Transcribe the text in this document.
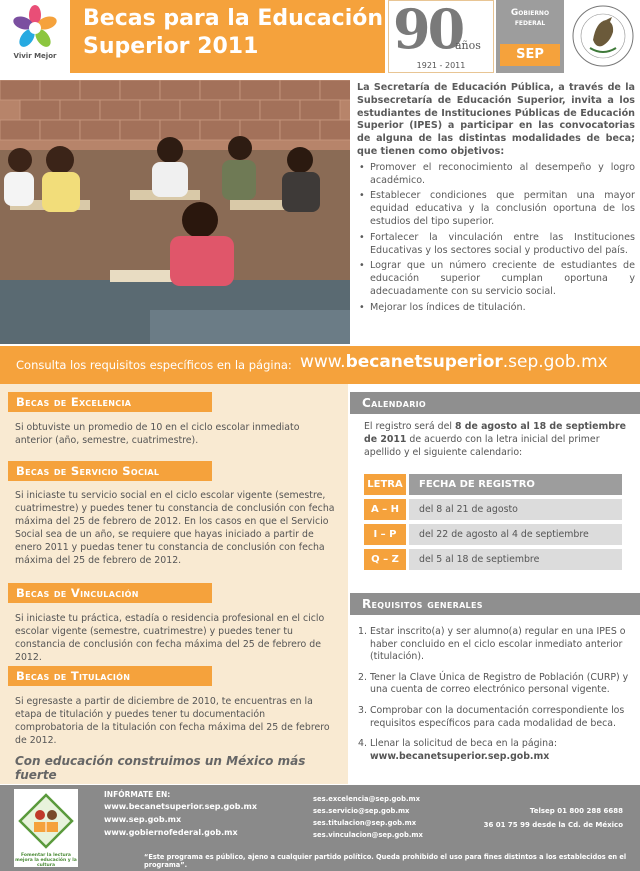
Vivir Mejor
Becas para la Educación
Superior 2011	90
años
1921 - 2011
Gobierno
federal
SEP

La Secretaría de Educación Pública, a través de la Subsecretaría de Educación Superior, invita a los estudiantes de Instituciones Públicas de Educación Superior (IPES) a participar en las convocatorias de alguna de las distintas modalidades de beca; que tienen como objetivos:

• Promover el reconocimiento al desempeño y logro académico.
• Establecer condiciones que permitan una mayor equidad educativa y la conclusión oportuna de los estudios del tipo superior.
• Fortalecer la vinculación entre las Instituciones Educativas y los sectores social y productivo del país.
• Lograr que un número creciente de estudiantes de educación superior cumplan oportuna y adecuadamente con su servicio social.
• Mejorar los índices de titulación.
Consulta los requisitos específicos en la página: www.becanetsuperior.sep.gob.mx
Becas de Excelencia
Si obtuviste un promedio de 10 en el ciclo escolar inmediato anterior (año, semestre, cuatrimestre).
Becas de Servicio Social
Si iniciaste tu servicio social en el ciclo escolar vigente (semestre, cuatrimestre) y puedes tener tu constancia de conclusión con fecha máxima del 25 de febrero de 2012. En los casos en que el Servicio Social sea de un año, se requiere que hayas iniciado a partir de enero 2011 y puedas tener tu constancia de conclusión con fecha máxima del 25 de febrero de 2012.
Becas de Vinculación
Si iniciaste tu práctica, estadía o residencia profesional en el ciclo escolar vigente (semestre, cuatrimestre) y puedes tener tu constancia de conclusión con fecha máxima del 25 de febrero de 2012.
Becas de Titulación
Si egresaste a partir de diciembre de 2010, te encuentras en la etapa de titulación y puedes tener tu documentación comprobatoria de la titulación con fecha máxima del 25 de febrero de 2012.
Con educación construimos un México más fuerte
Calendario
El registro será del 8 de agosto al 18 de septiembre de 2011 de acuerdo con la letra inicial del primer apellido y el siguiente calendario:
LETRA	FECHA DE REGISTRO
A – H	del 8 al 21 de agosto
I – P	del 22 de agosto al 4 de septiembre
Q – Z	del 5 al 18 de septiembre
Requisitos generales
1. Estar inscrito(a) y ser alumno(a) regular en una IPES o haber concluido en el ciclo escolar inmediato anterior (titulación).
2. Tener la Clave Única de Registro de Población (CURP) y una cuenta de correo electrónico personal vigente.
3. Comprobar con la documentación correspondiente los requisitos específicos para cada modalidad de beca.
4. Llenar la solicitud de beca en la página:
www.becanetsuperior.sep.gob.mx
Fomentar la lectura
mejora la educación y la cultura
INFÓRMATE EN:
www.becanetsuperior.sep.gob.mx
www.sep.gob.mx
www.gobiernofederal.gob.mx
ses.excelencia@sep.gob.mx
ses.servicio@sep.gob.mx
ses.titulacion@sep.gob.mx
ses.vinculacion@sep.gob.mx
Telsep 01 800 288 6688
36 01 75 99 desde la Cd. de México
“Este programa es público, ajeno a cualquier partido político. Queda prohibido el uso para fines distintos a los establecidos en el programa”.
